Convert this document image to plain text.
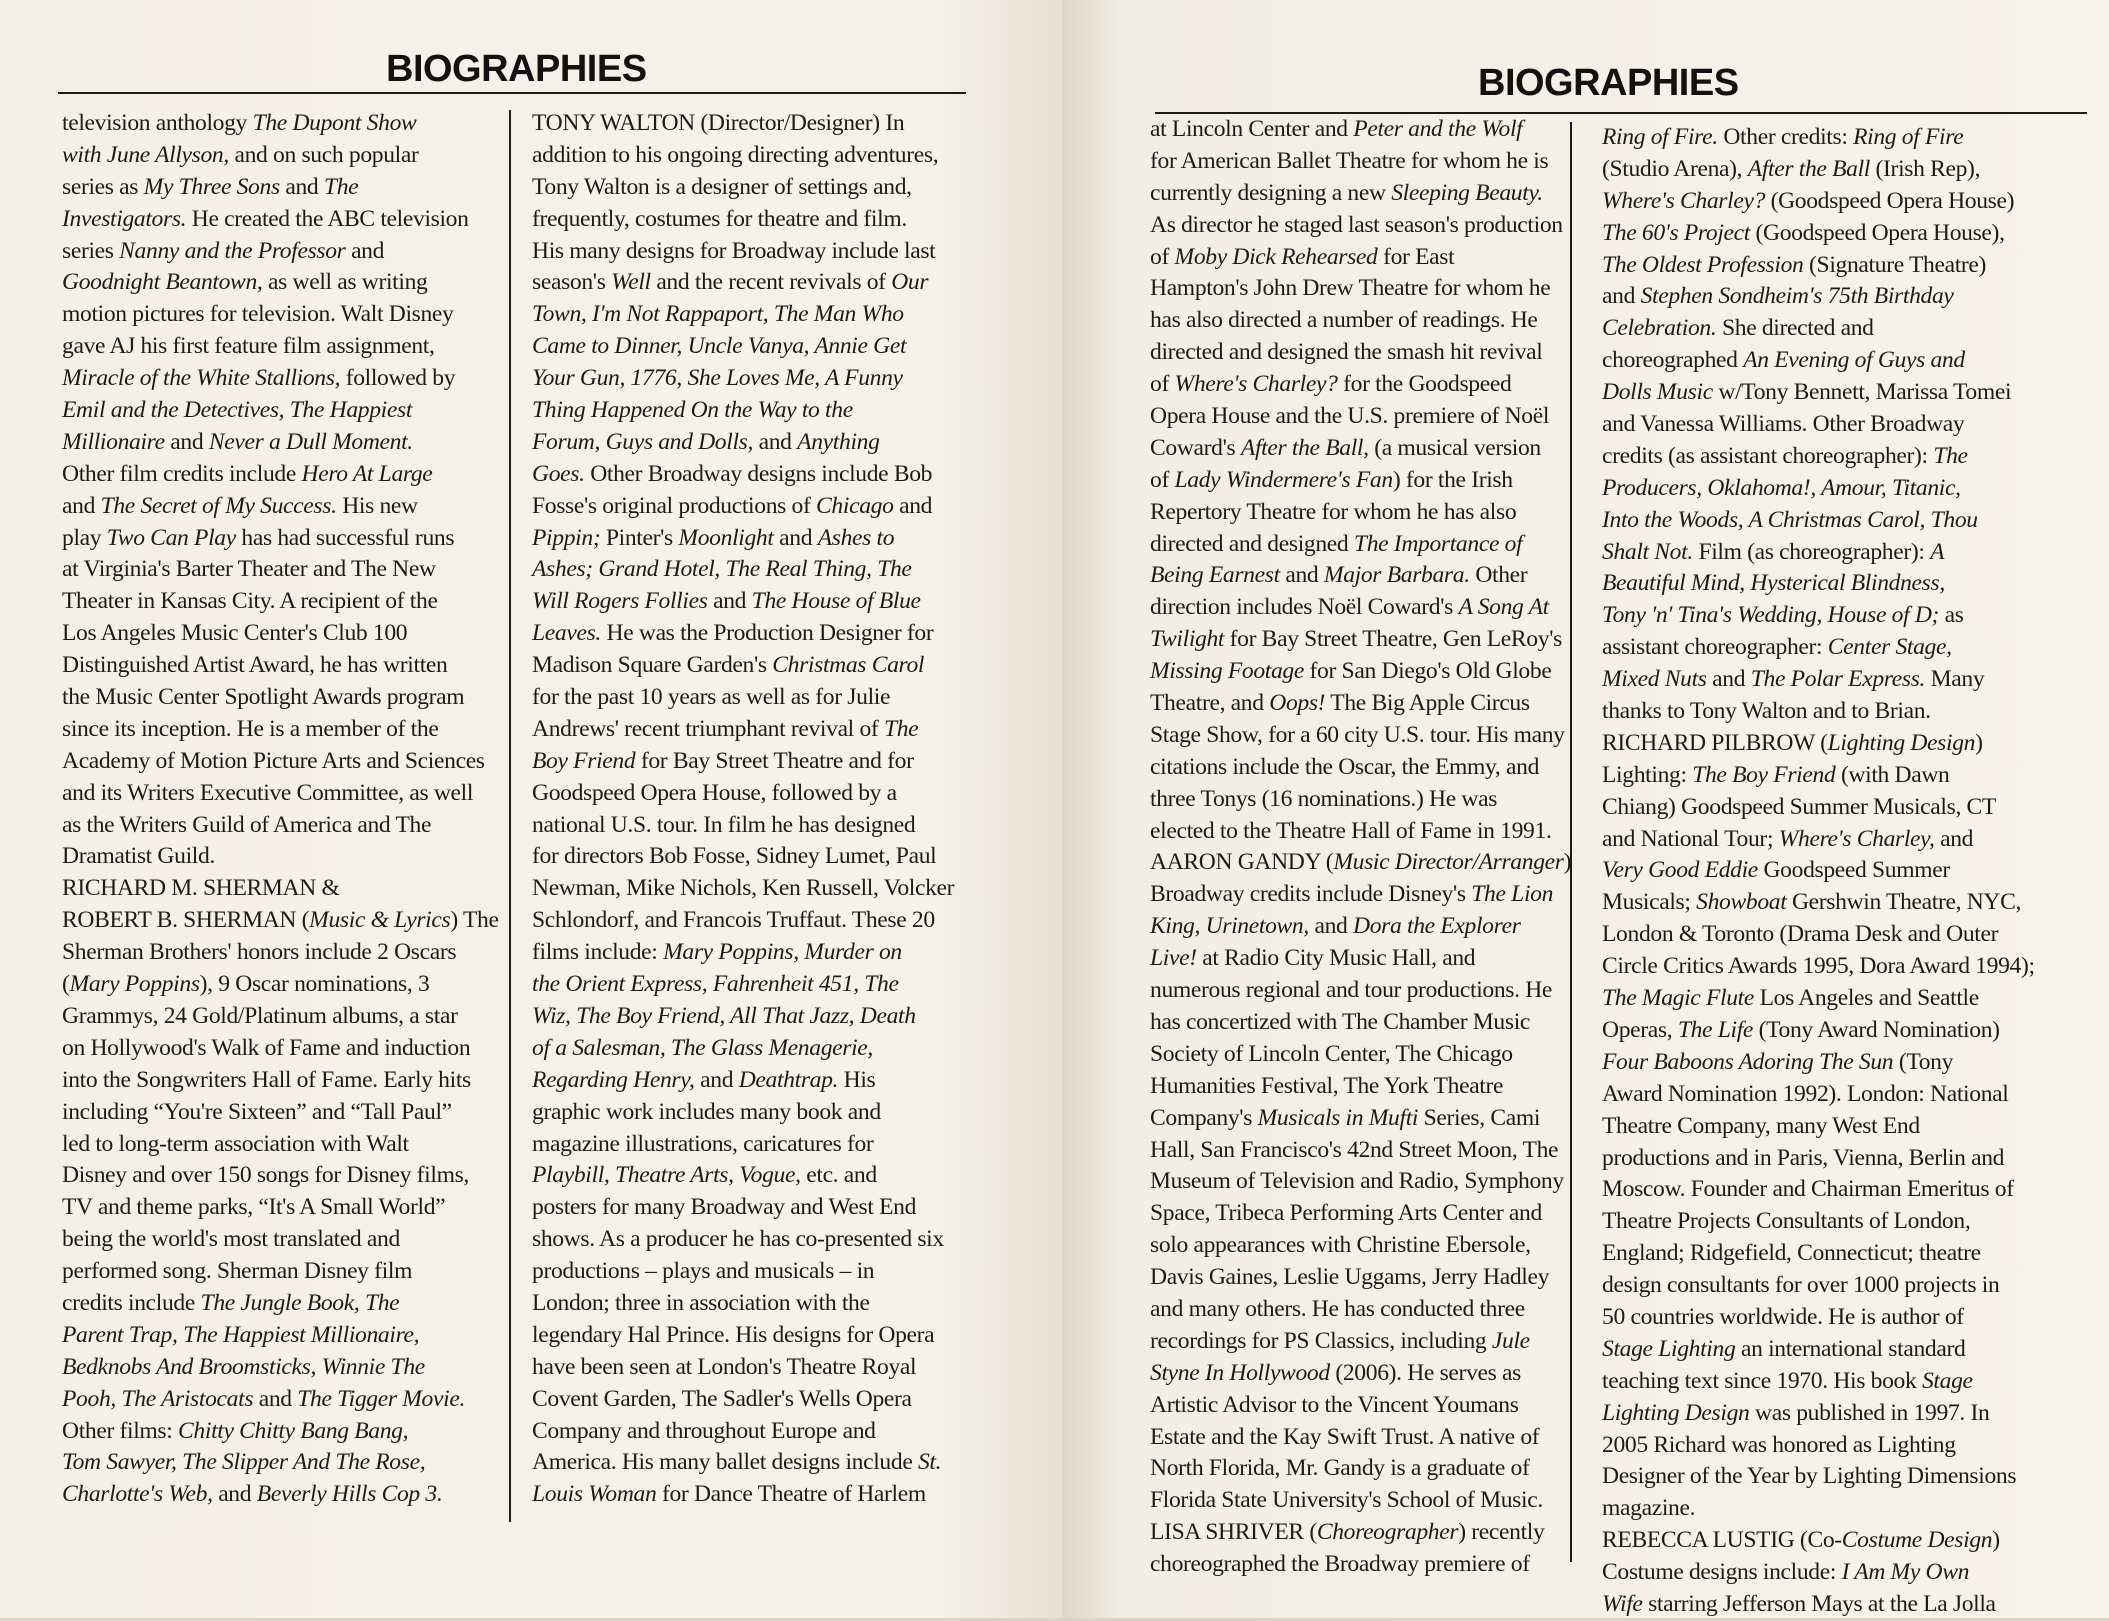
BIOGRAPHIES
television anthology The Dupont Show
with June Allyson, and on such popular
series as My Three Sons and The
Investigators. He created the ABC television
series Nanny and the Professor and
Goodnight Beantown, as well as writing
motion pictures for television. Walt Disney
gave AJ his first feature film assignment,
Miracle of the White Stallions, followed by
Emil and the Detectives, The Happiest
Millionaire and Never a Dull Moment.
Other film credits include Hero At Large
and The Secret of My Success. His new
play Two Can Play has had successful runs
at Virginia's Barter Theater and The New
Theater in Kansas City. A recipient of the
Los Angeles Music Center's Club 100
Distinguished Artist Award, he has written
the Music Center Spotlight Awards program
since its inception. He is a member of the
Academy of Motion Picture Arts and Sciences
and its Writers Executive Committee, as well
as the Writers Guild of America and The
Dramatist Guild.
RICHARD M. SHERMAN &
ROBERT B. SHERMAN (Music & Lyrics) The
Sherman Brothers' honors include 2 Oscars
(Mary Poppins), 9 Oscar nominations, 3
Grammys, 24 Gold/Platinum albums, a star
on Hollywood's Walk of Fame and induction
into the Songwriters Hall of Fame. Early hits
including “You're Sixteen” and “Tall Paul”
led to long-term association with Walt
Disney and over 150 songs for Disney films,
TV and theme parks, “It's A Small World”
being the world's most translated and
performed song. Sherman Disney film
credits include The Jungle Book, The
Parent Trap, The Happiest Millionaire,
Bedknobs And Broomsticks, Winnie The
Pooh, The Aristocats and The Tigger Movie.
Other films: Chitty Chitty Bang Bang,
Tom Sawyer, The Slipper And The Rose,
Charlotte's Web, and Beverly Hills Cop 3.
TONY WALTON (Director/Designer) In
addition to his ongoing directing adventures,
Tony Walton is a designer of settings and,
frequently, costumes for theatre and film.
His many designs for Broadway include last
season's Well and the recent revivals of Our
Town, I'm Not Rappaport, The Man Who
Came to Dinner, Uncle Vanya, Annie Get
Your Gun, 1776, She Loves Me, A Funny
Thing Happened On the Way to the
Forum, Guys and Dolls, and Anything
Goes. Other Broadway designs include Bob
Fosse's original productions of Chicago and
Pippin; Pinter's Moonlight and Ashes to
Ashes; Grand Hotel, The Real Thing, The
Will Rogers Follies and The House of Blue
Leaves. He was the Production Designer for
Madison Square Garden's Christmas Carol
for the past 10 years as well as for Julie
Andrews' recent triumphant revival of The
Boy Friend for Bay Street Theatre and for
Goodspeed Opera House, followed by a
national U.S. tour. In film he has designed
for directors Bob Fosse, Sidney Lumet, Paul
Newman, Mike Nichols, Ken Russell, Volcker
Schlondorf, and Francois Truffaut. These 20
films include: Mary Poppins, Murder on
the Orient Express, Fahrenheit 451, The
Wiz, The Boy Friend, All That Jazz, Death
of a Salesman, The Glass Menagerie,
Regarding Henry, and Deathtrap. His
graphic work includes many book and
magazine illustrations, caricatures for
Playbill, Theatre Arts, Vogue, etc. and
posters for many Broadway and West End
shows. As a producer he has co-presented six
productions – plays and musicals – in
London; three in association with the
legendary Hal Prince. His designs for Opera
have been seen at London's Theatre Royal
Covent Garden, The Sadler's Wells Opera
Company and throughout Europe and
America. His many ballet designs include St.
Louis Woman for Dance Theatre of Harlem
BIOGRAPHIES
at Lincoln Center and Peter and the Wolf
for American Ballet Theatre for whom he is
currently designing a new Sleeping Beauty.
As director he staged last season's production
of Moby Dick Rehearsed for East
Hampton's John Drew Theatre for whom he
has also directed a number of readings. He
directed and designed the smash hit revival
of Where's Charley? for the Goodspeed
Opera House and the U.S. premiere of Noël
Coward's After the Ball, (a musical version
of Lady Windermere's Fan) for the Irish
Repertory Theatre for whom he has also
directed and designed The Importance of
Being Earnest and Major Barbara. Other
direction includes Noël Coward's A Song At
Twilight for Bay Street Theatre, Gen LeRoy's
Missing Footage for San Diego's Old Globe
Theatre, and Oops! The Big Apple Circus
Stage Show, for a 60 city U.S. tour. His many
citations include the Oscar, the Emmy, and
three Tonys (16 nominations.) He was
elected to the Theatre Hall of Fame in 1991.
AARON GANDY (Music Director/Arranger)
Broadway credits include Disney's The Lion
King, Urinetown, and Dora the Explorer
Live! at Radio City Music Hall, and
numerous regional and tour productions. He
has concertized with The Chamber Music
Society of Lincoln Center, The Chicago
Humanities Festival, The York Theatre
Company's Musicals in Mufti Series, Cami
Hall, San Francisco's 42nd Street Moon, The
Museum of Television and Radio, Symphony
Space, Tribeca Performing Arts Center and
solo appearances with Christine Ebersole,
Davis Gaines, Leslie Uggams, Jerry Hadley
and many others. He has conducted three
recordings for PS Classics, including Jule
Styne In Hollywood (2006). He serves as
Artistic Advisor to the Vincent Youmans
Estate and the Kay Swift Trust. A native of
North Florida, Mr. Gandy is a graduate of
Florida State University's School of Music.
LISA SHRIVER (Choreographer) recently
choreographed the Broadway premiere of
Ring of Fire. Other credits: Ring of Fire
(Studio Arena), After the Ball (Irish Rep),
Where's Charley? (Goodspeed Opera House)
The 60's Project (Goodspeed Opera House),
The Oldest Profession (Signature Theatre)
and Stephen Sondheim's 75th Birthday
Celebration. She directed and
choreographed An Evening of Guys and
Dolls Music w/Tony Bennett, Marissa Tomei
and Vanessa Williams. Other Broadway
credits (as assistant choreographer): The
Producers, Oklahoma!, Amour, Titanic,
Into the Woods, A Christmas Carol, Thou
Shalt Not. Film (as choreographer): A
Beautiful Mind, Hysterical Blindness,
Tony 'n' Tina's Wedding, House of D; as
assistant choreographer: Center Stage,
Mixed Nuts and The Polar Express. Many
thanks to Tony Walton and to Brian.
RICHARD PILBROW (Lighting Design)
Lighting: The Boy Friend (with Dawn
Chiang) Goodspeed Summer Musicals, CT
and National Tour; Where's Charley, and
Very Good Eddie Goodspeed Summer
Musicals; Showboat Gershwin Theatre, NYC,
London & Toronto (Drama Desk and Outer
Circle Critics Awards 1995, Dora Award 1994);
The Magic Flute Los Angeles and Seattle
Operas, The Life (Tony Award Nomination)
Four Baboons Adoring The Sun (Tony
Award Nomination 1992). London: National
Theatre Company, many West End
productions and in Paris, Vienna, Berlin and
Moscow. Founder and Chairman Emeritus of
Theatre Projects Consultants of London,
England; Ridgefield, Connecticut; theatre
design consultants for over 1000 projects in
50 countries worldwide. He is author of
Stage Lighting an international standard
teaching text since 1970. His book Stage
Lighting Design was published in 1997. In
2005 Richard was honored as Lighting
Designer of the Year by Lighting Dimensions
magazine.
REBECCA LUSTIG (Co-Costume Design)
Costume designs include: I Am My Own
Wife starring Jefferson Mays at the La Jolla
